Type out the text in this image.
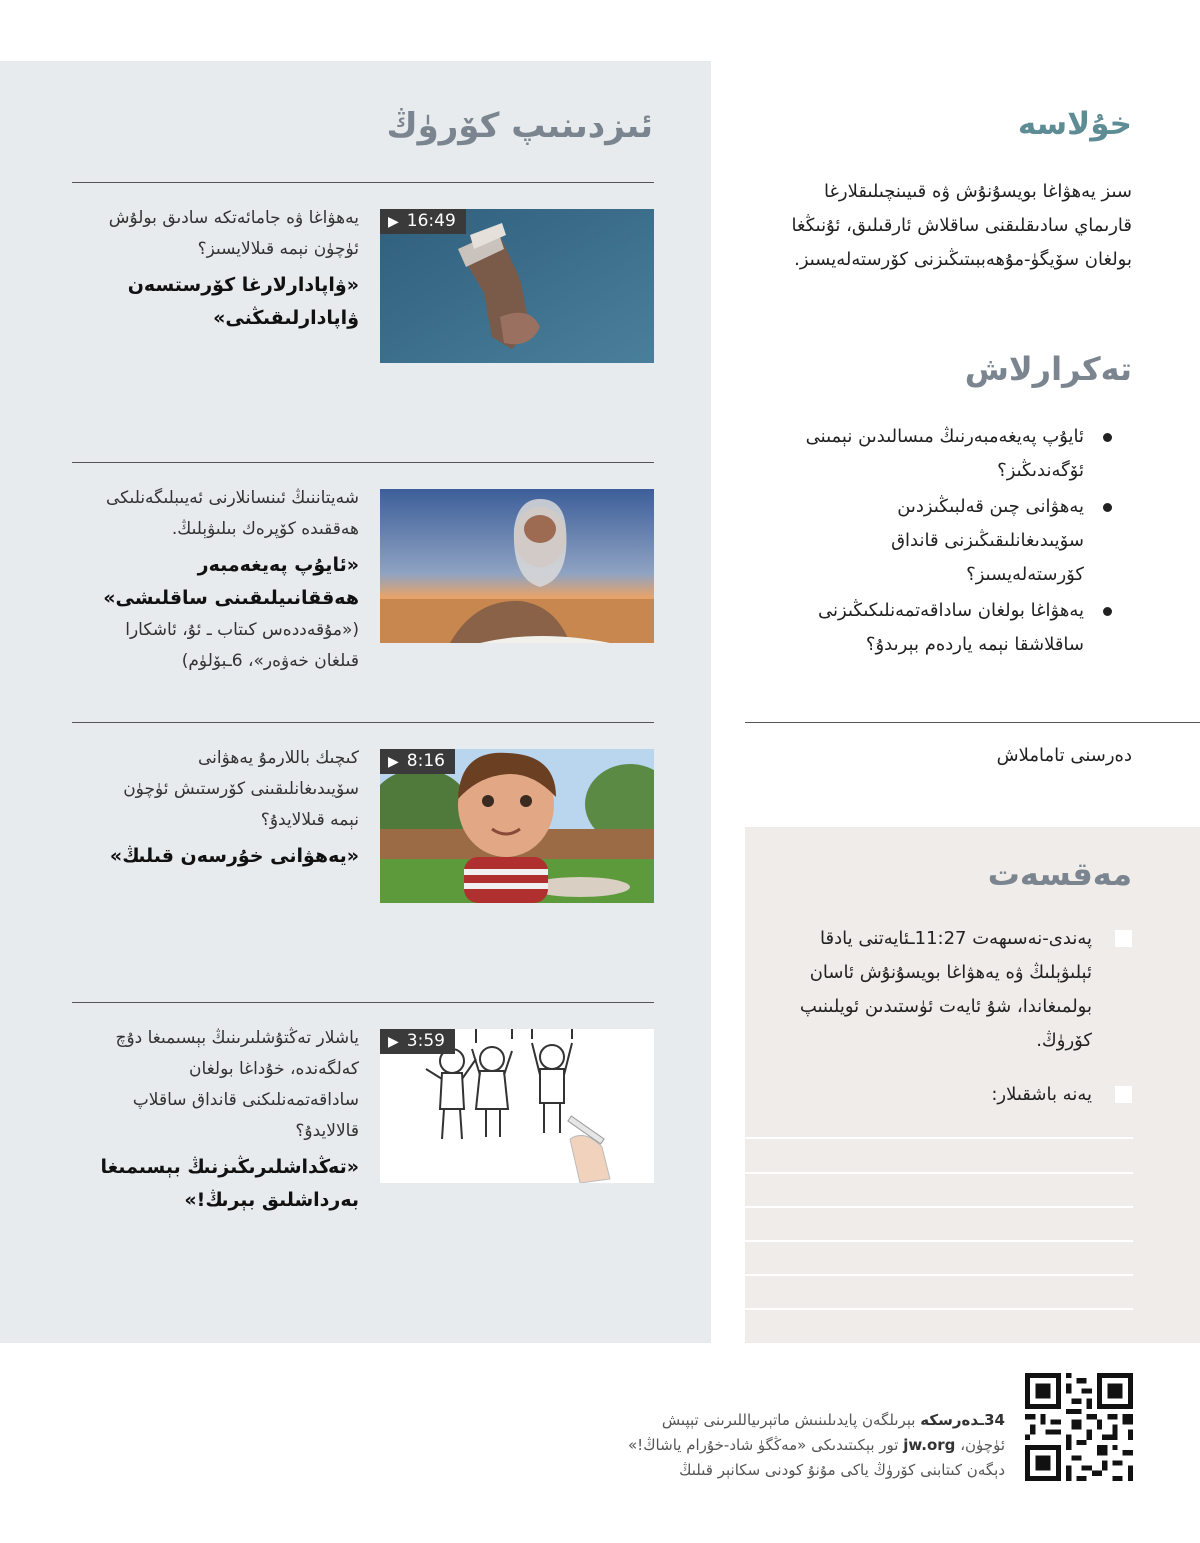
ئىزدىنىپ كۆرۈڭ
▶ 16:49
يەھۋاغا ۋە جامائەتكە سادىق بولۇش ئۈچۈن نېمە قىلالايسىز؟
«ۋاپادارلارغا كۆرستسەن ۋاپادارلىقىڭنى»
شەيتاننىڭ ئىنسانلارنى ئەيىبلىگەنلىكى ھەققىدە كۆپرەك بىلىۋېلىڭ.
«ئايۇپ پەيغەمبەر ھەققانىيلىقىنى ساقلىشى»
(«مۇقەددەس كىتاب ـ ئۇ، ئاشكارا قىلغان خەۋەر»، 6ـبۆلۈم)
▶ 8:16
كىچىك باللارمۇ يەھۋانى سۆيىدىغانلىقىنى كۆرستىش ئۈچۈن نېمە قىلالايدۇ؟
«يەھۋانى خۇرسەن قىلىڭ»
▶ 3:59
ياشلار تەڭتۇشلىرىنىڭ بېسىمىغا دۇچ كەلگەندە، خۇداغا بولغان ساداقەتمەنلىكنى قانداق ساقلاپ قالالايدۇ؟
«تەڭداشلىرىڭىزنىڭ بېسىمىغا بەرداشلىق بېرىڭ!»
خۇلاسە
سىز يەھۋاغا بويسۇنۇش ۋە قىيىنچىلىقلارغا قارىماي سادىقلىقنى ساقلاش ئارقىلىق، ئۇنىڭغا بولغان سۆيگۈ-مۇھەببىتىڭىزنى كۆرستەلەيسىز.
تەكرارلاش
ئايۇپ پەيغەمبەرنىڭ مىسالىدىن نېمىنى ئۆگەندىڭىز؟
يەھۋانى چىن قەلبىڭىزدىن سۆيىدىغانلىقىڭىزنى قانداق كۆرستەلەيسىز؟
يەھۋاغا بولغان ساداقەتمەنلىكىڭىزنى ساقلاشقا نېمە ياردەم بېرىدۇ؟
دەرسنى تاماملاش
مەقسەت
پەندى-نەسىھەت 11:27ـئايەتنى يادقا ئېلىۋېلىڭ ۋە يەھۋاغا بويسۇنۇش ئاسان بولمىغاندا، شۇ ئايەت ئۈستىدىن ئويلىنىپ كۆرۈڭ.
يەنە باشقىلار:
34ـدەرسكە بېرىلگەن پايدىلىنىش ماتېرىياللىرىنى تېپىش
ئۈچۈن، jw.org تور بېكىتىدىكى «مەڭگۈ شاد-خۇرام ياشاڭ!»
دېگەن كىتابنى كۆرۈڭ ياكى مۇنۇ كودنى سكانېر قىلىڭ
